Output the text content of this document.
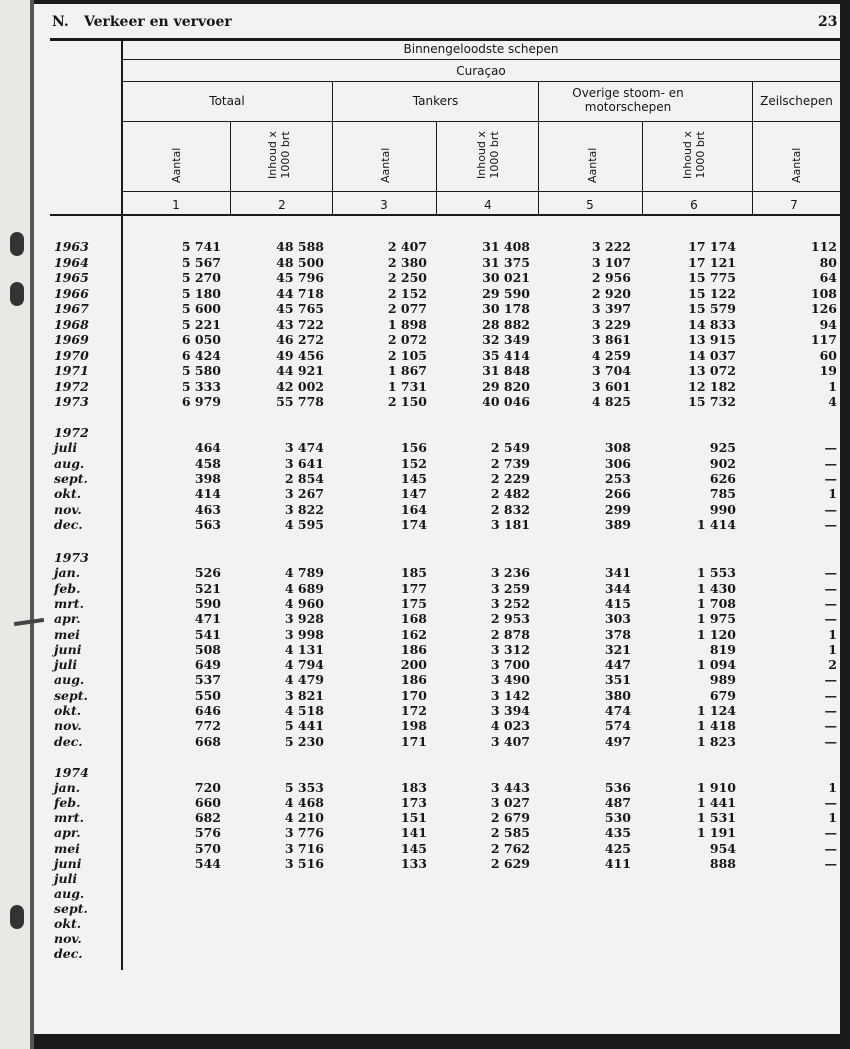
N. Verkeer en vervoer	23
Binnengeloodste schepen
Curaçao
Totaal	Tankers
Overige stoom- en motorschepen	Zeilschepen
Aantal	Inhoud x 1000 brt	Aantal	Inhoud x 1000 brt	Aantal	Inhoud x 1000 brt	Aantal
1	2	3	4	5	6	7
1963	5 741	48 588	2 407	31 408	3 222	17 174	112
1964	5 567	48 500	2 380	31 375	3 107	17 121	80
1965	5 270	45 796	2 250	30 021	2 956	15 775	64
1966	5 180	44 718	2 152	29 590	2 920	15 122	108
1967	5 600	45 765	2 077	30 178	3 397	15 579	126
1968	5 221	43 722	1 898	28 882	3 229	14 833	94
1969	6 050	46 272	2 072	32 349	3 861	13 915	117
1970	6 424	49 456	2 105	35 414	4 259	14 037	60
1971	5 580	44 921	1 867	31 848	3 704	13 072	19
1972	5 333	42 002	1 731	29 820	3 601	12 182	1
1973	6 979	55 778	2 150	40 046	4 825	15 732	4
1972
juli	464	3 474	156	2 549	308	925	—
aug.	458	3 641	152	2 739	306	902	—
sept.	398	2 854	145	2 229	253	626	—
okt.	414	3 267	147	2 482	266	785	1
nov.	463	3 822	164	2 832	299	990	—
dec.	563	4 595	174	3 181	389	1 414	—
1973
jan.	526	4 789	185	3 236	341	1 553	—
feb.	521	4 689	177	3 259	344	1 430	—
mrt.	590	4 960	175	3 252	415	1 708	—
apr.	471	3 928	168	2 953	303	1 975	—
mei	541	3 998	162	2 878	378	1 120	1
juni	508	4 131	186	3 312	321	819	1
juli	649	4 794	200	3 700	447	1 094	2
aug.	537	4 479	186	3 490	351	989	—
sept.	550	3 821	170	3 142	380	679	—
okt.	646	4 518	172	3 394	474	1 124	—
nov.	772	5 441	198	4 023	574	1 418	—
dec.	668	5 230	171	3 407	497	1 823	—
1974
jan.	720	5 353	183	3 443	536	1 910	1
feb.	660	4 468	173	3 027	487	1 441	—
mrt.	682	4 210	151	2 679	530	1 531	1
apr.	576	3 776	141	2 585	435	1 191	—
mei	570	3 716	145	2 762	425	954	—
juni	544	3 516	133	2 629	411	888	—
juli
aug.
sept.
okt.
nov.
dec.
